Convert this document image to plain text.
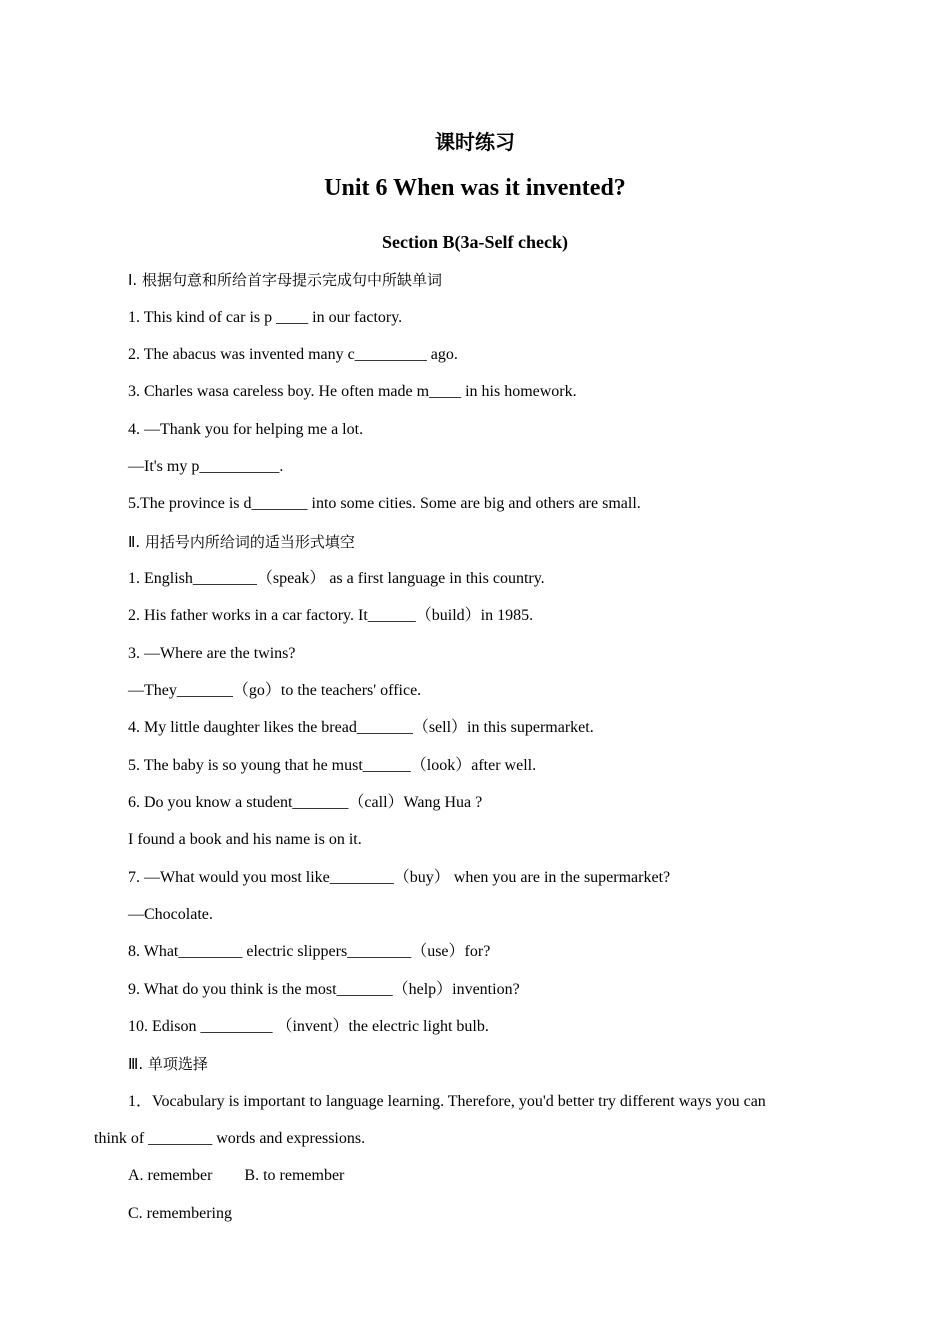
课时练习
Unit 6 When was it invented?
Section B(3a-Self check)
Ⅰ. 根据句意和所给首字母提示完成句中所缺单词
1. This kind of car is p ____ in our factory.
2. The abacus was invented many c_________ ago.
3. Charles wasa careless boy. He often made m____ in his homework.
4. —Thank you for helping me a lot.
—It's my p__________.
5.The province is d_______ into some cities. Some are big and others are small.
Ⅱ. 用括号内所给词的适当形式填空
1. English________（speak） as a first language in this country.
2. His father works in a car factory. It______（build）in 1985.
3. —Where are the twins?
—They_______（go）to the teachers' office.
4. My little daughter likes the bread_______（sell）in this supermarket.
5. The baby is so young that he must______（look）after well.
6. Do you know a student_______（call）Wang Hua ?
I found a book and his name is on it.
7. —What would you most like________（buy） when you are in the supermarket?
—Chocolate.
8. What________ electric slippers________（use）for?
9. What do you think is the most_______（help）invention?
10. Edison _________ （invent）the electric light bulb.
Ⅲ. 单项选择
1．Vocabulary is important to language learning. Therefore, you'd better try different ways you can
think of ________ words and expressions.
A. remember        B. to remember
C. remembering
